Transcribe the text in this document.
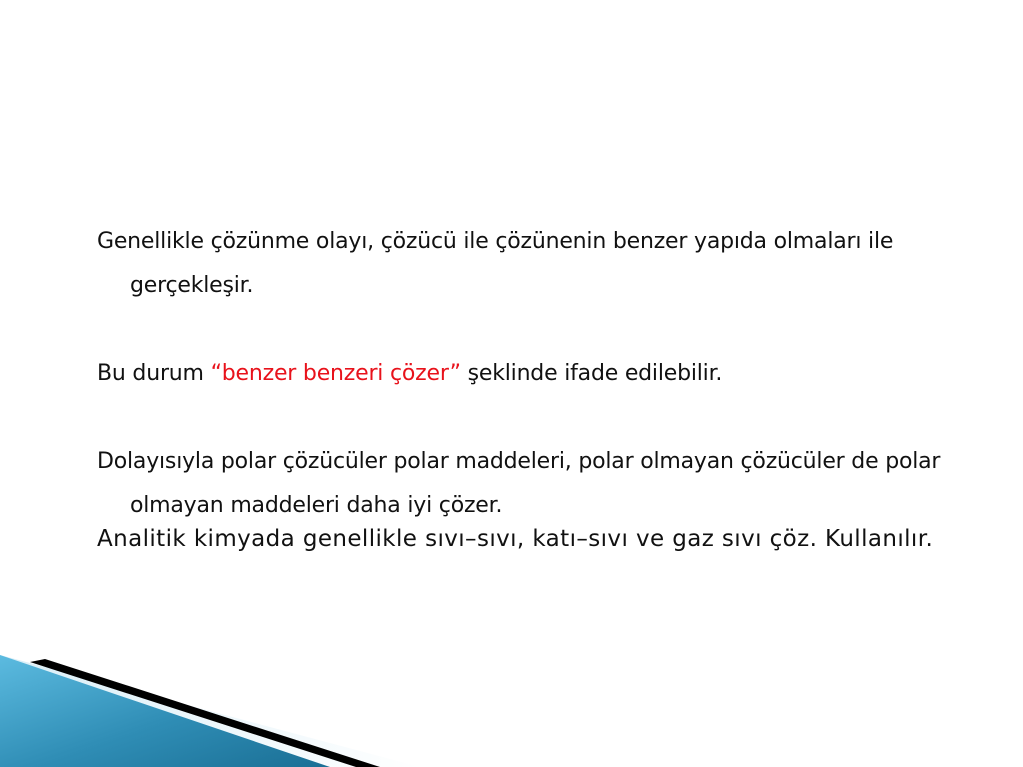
Genellikle çözünme olayı, çözücü ile çözünenin benzer yapıda olmaları ile gerçekleşir.

Bu durum “benzer benzeri çözer” şeklinde ifade edilebilir.

Dolayısıyla polar çözücüler polar maddeleri, polar olmayan çözücüler de polar olmayan maddeleri daha iyi çözer.

Analitik kimyada genellikle sıvı–sıvı, katı–sıvı ve gaz sıvı çöz. Kullanılır.
